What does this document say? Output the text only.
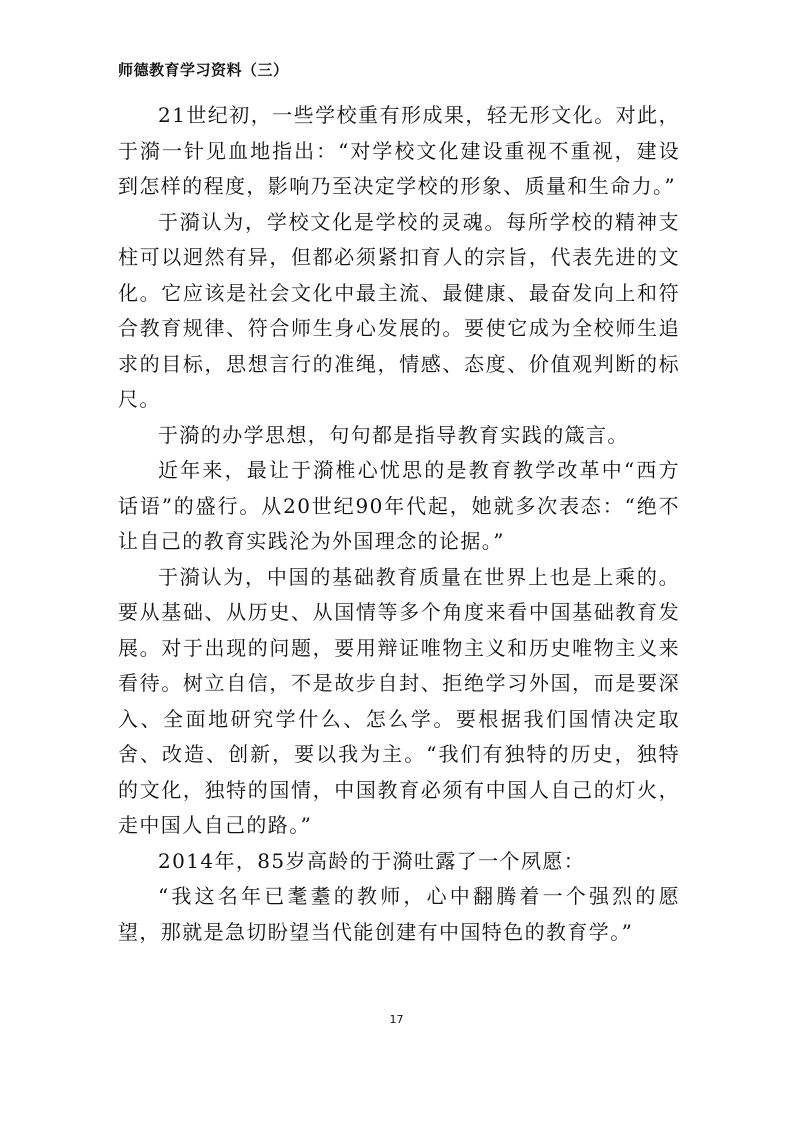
师德教育学习资料（三）

21世纪初，一些学校重有形成果，轻无形文化。对此，于漪一针见血地指出：“对学校文化建设重视不重视，建设到怎样的程度，影响乃至决定学校的形象、质量和生命力。”

于漪认为，学校文化是学校的灵魂。每所学校的精神支柱可以迥然有异，但都必须紧扣育人的宗旨，代表先进的文化。它应该是社会文化中最主流、最健康、最奋发向上和符合教育规律、符合师生身心发展的。要使它成为全校师生追求的目标，思想言行的准绳，情感、态度、价值观判断的标尺。

于漪的办学思想，句句都是指导教育实践的箴言。

近年来，最让于漪椎心忧思的是教育教学改革中“西方话语”的盛行。从20世纪90年代起，她就多次表态：“绝不让自己的教育实践沦为外国理念的论据。”

于漪认为，中国的基础教育质量在世界上也是上乘的。要从基础、从历史、从国情等多个角度来看中国基础教育发展。对于出现的问题，要用辩证唯物主义和历史唯物主义来看待。树立自信，不是故步自封、拒绝学习外国，而是要深入、全面地研究学什么、怎么学。要根据我们国情决定取舍、改造、创新，要以我为主。“我们有独特的历史，独特的文化，独特的国情，中国教育必须有中国人自己的灯火，走中国人自己的路。”

2014年，85岁高龄的于漪吐露了一个夙愿：

“我这名年已耄耋的教师，心中翻腾着一个强烈的愿望，那就是急切盼望当代能创建有中国特色的教育学。”

17
